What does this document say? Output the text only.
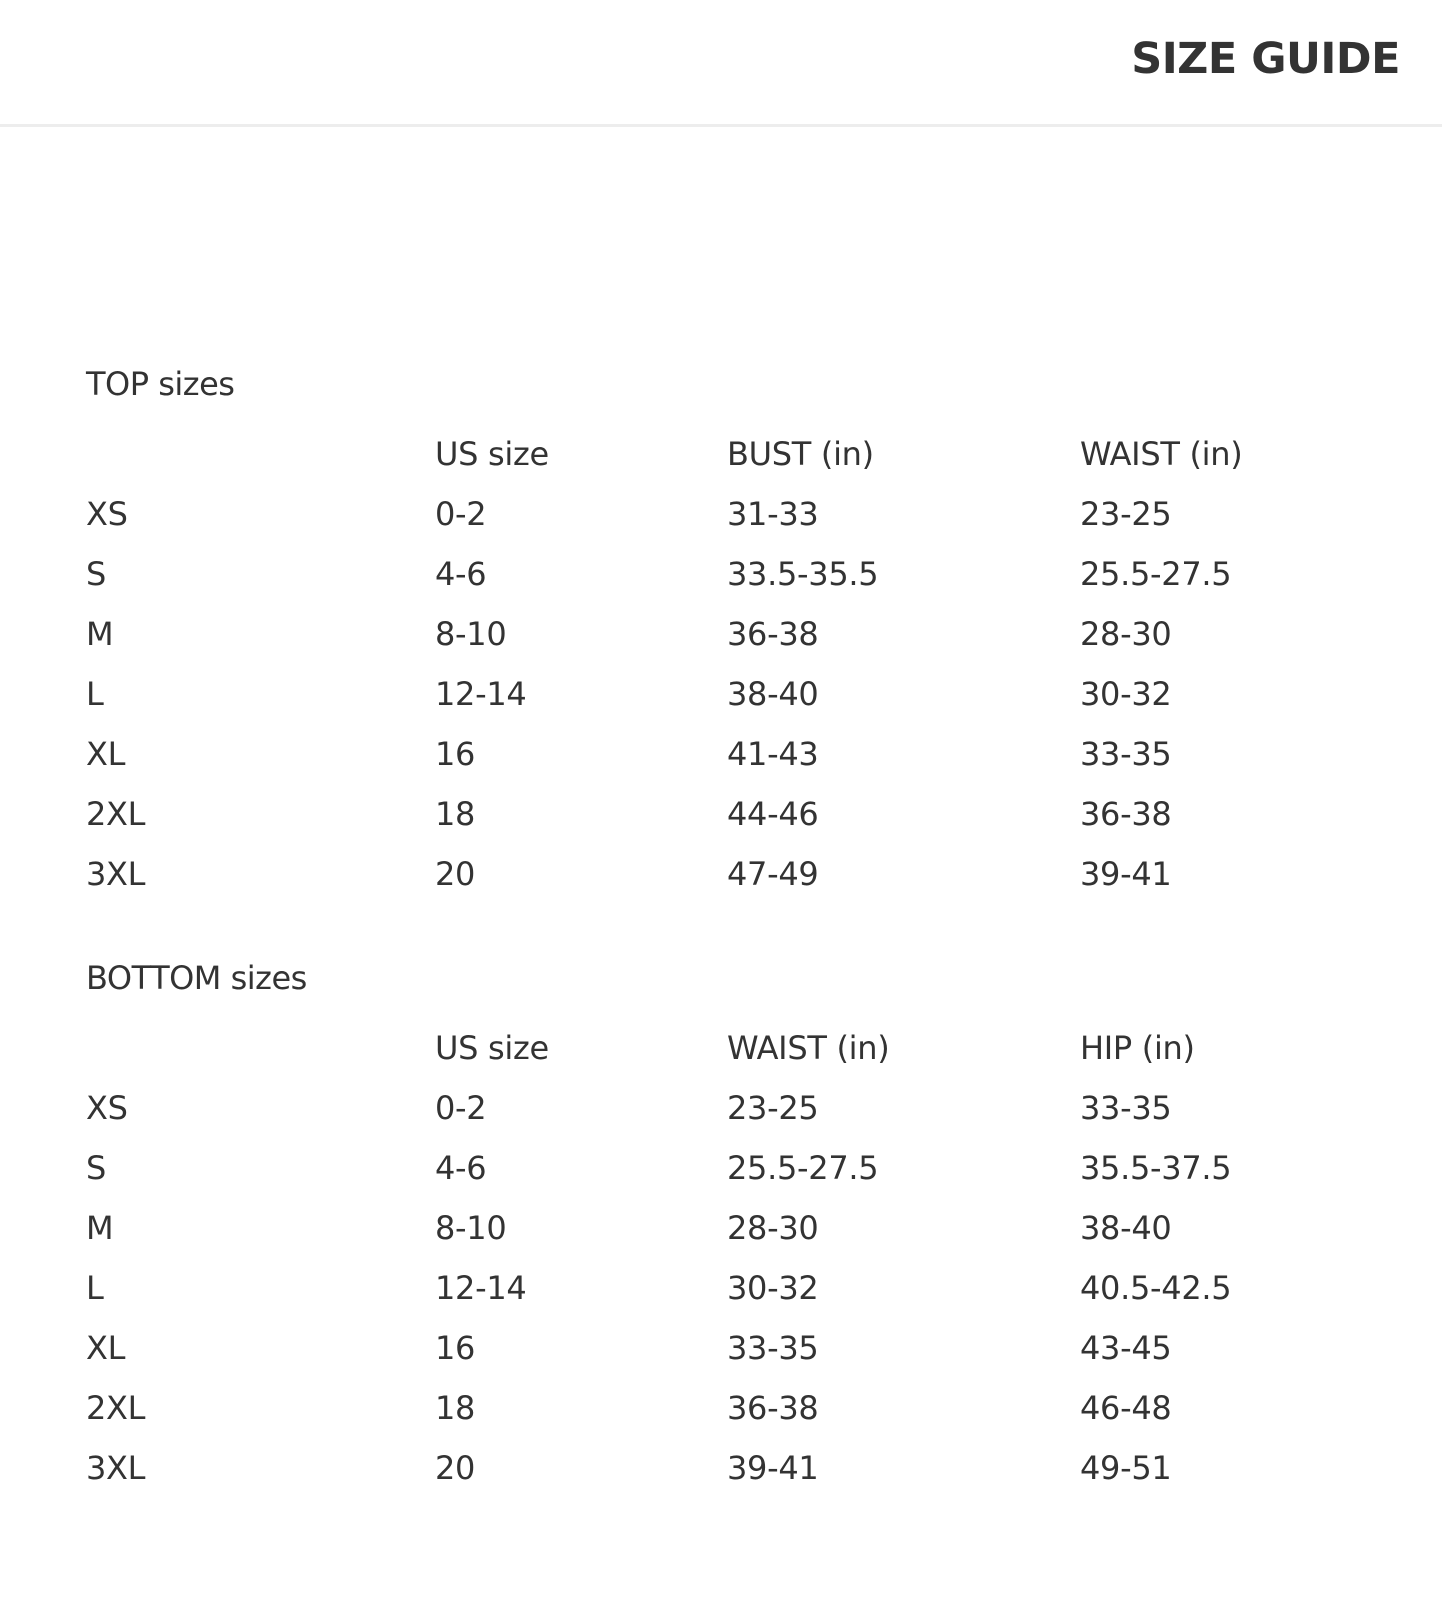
SIZE GUIDE
TOP sizes
	US size	BUST (in)	WAIST (in)
XS	0-2	31-33	23-25
S	4-6	33.5-35.5	25.5-27.5
M	8-10	36-38	28-30
L	12-14	38-40	30-32
XL	16	41-43	33-35
2XL	18	44-46	36-38
3XL	20	47-49	39-41
BOTTOM sizes
	US size	WAIST (in)	HIP (in)
XS	0-2	23-25	33-35
S	4-6	25.5-27.5	35.5-37.5
M	8-10	28-30	38-40
L	12-14	30-32	40.5-42.5
XL	16	33-35	43-45
2XL	18	36-38	46-48
3XL	20	39-41	49-51
